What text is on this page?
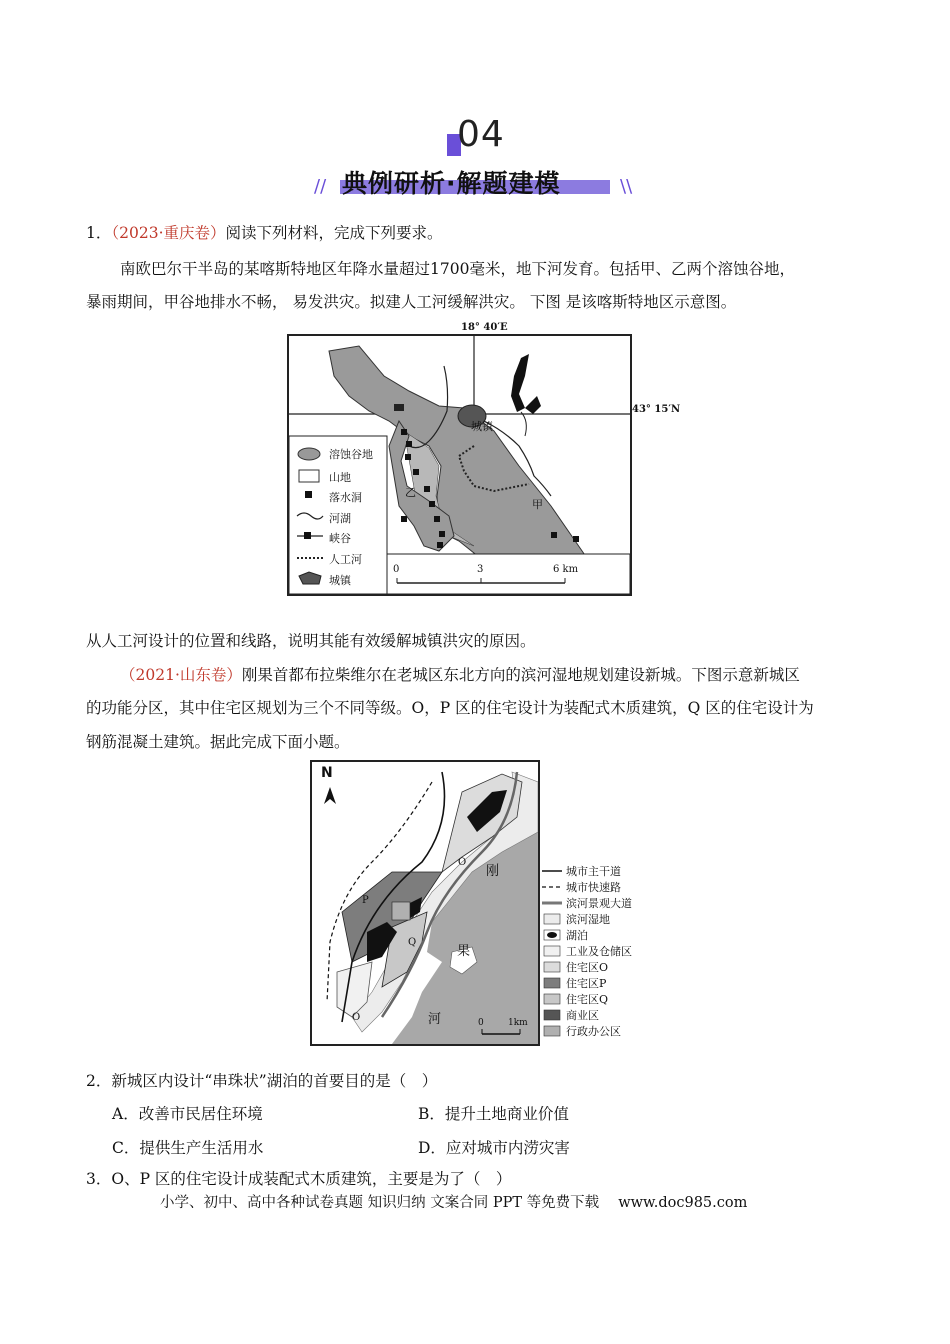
04
//	\\
典例研析·解题建模
1．（2023·重庆卷）阅读下列材料，完成下列要求。
南欧巴尔干半岛的某喀斯特地区年降水量超过1700毫米，地下河发育。包括甲、乙两个溶蚀谷地，
暴雨期间，甲谷地排水不畅， 易发洪灾。拟建人工河缓解洪灾。 下图 是该喀斯特地区示意图。
18° 40′E
城镇
甲
乙
溶蚀谷地
山地
落水洞
河湖
峡谷
人工河
城镇
0	3	6 km
43° 15′N
从人工河设计的位置和线路，说明其能有效缓解城镇洪灾的原因。
（2021·山东卷）刚果首都布拉柴维尔在老城区东北方向的滨河湿地规划建设新城。下图示意新城区
的功能分区，其中住宅区规划为三个不同等级。O，P 区的住宅设计为装配式木质建筑，Q 区的住宅设计为
钢筋混凝土建筑。据此完成下面小题。
N
刚
果
河
O
P
Q
O	0	1km
城市主干道
城市快速路
滨河景观大道
滨河湿地
湖泊
工业及仓储区
住宅区O
住宅区P
住宅区Q
商业区
行政办公区
2．新城区内设计“串珠状”湖泊的首要目的是（　）
A．改善市民居住环境	B．提升土地商业价值
C．提供生产生活用水	D．应对城市内涝灾害
3．O、P 区的住宅设计成装配式木质建筑，主要是为了（　）
小学、初中、高中各种试卷真题 知识归纳 文案合同 PPT 等免费下载　 www.doc985.com
